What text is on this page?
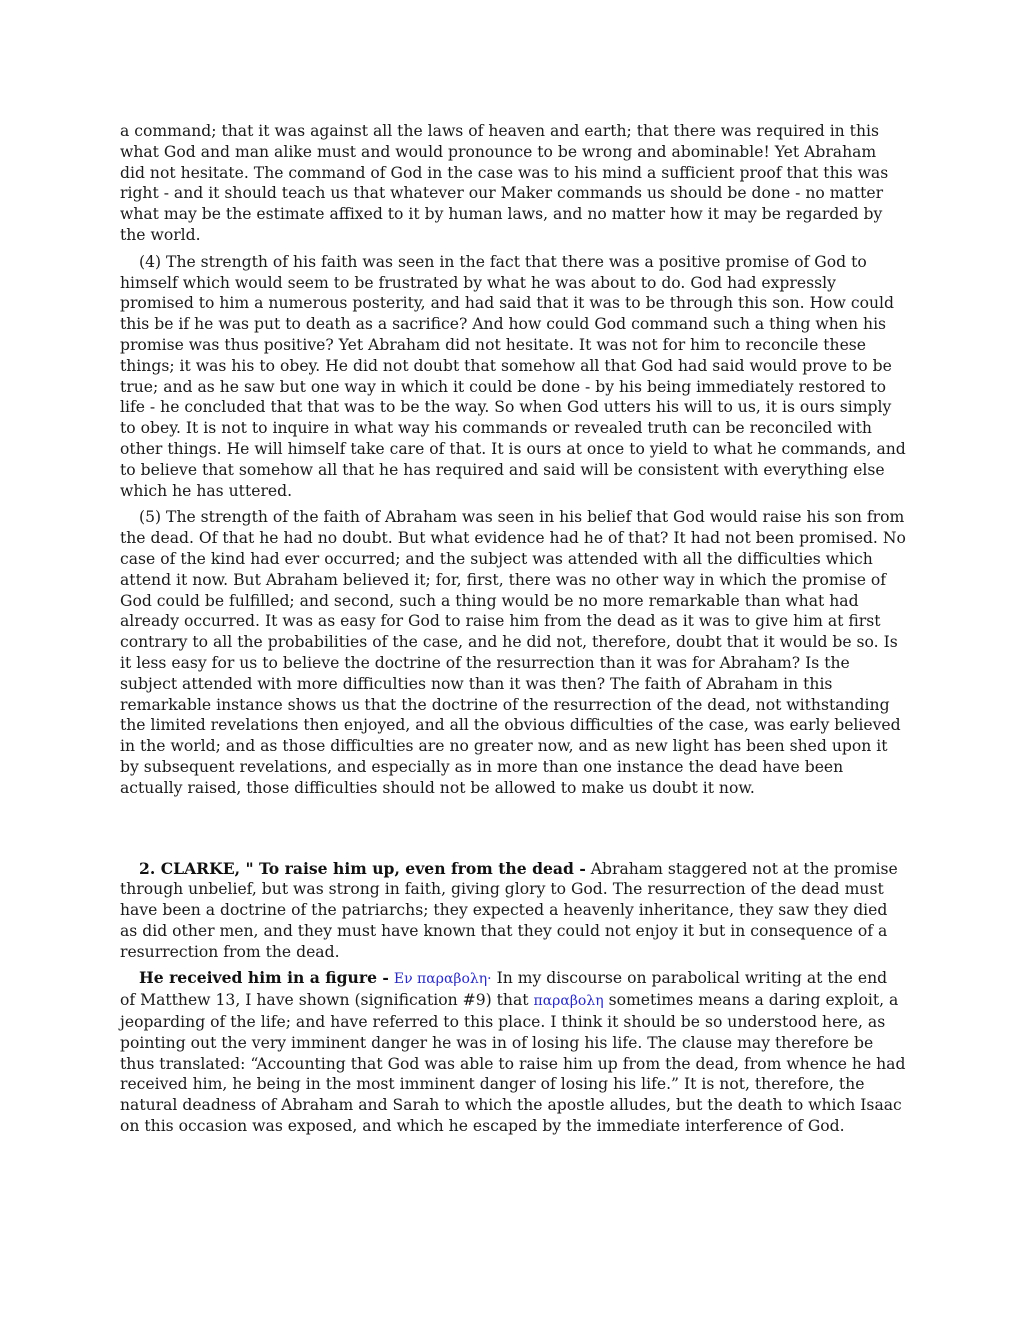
a command; that it was against all the laws of heaven and earth; that there was required in this what God and man alike must and would pronounce to be wrong and abominable! Yet Abraham did not hesitate. The command of God in the case was to his mind a sufficient proof that this was right - and it should teach us that whatever our Maker commands us should be done - no matter what may be the estimate affixed to it by human laws, and no matter how it may be regarded by the world.

(4) The strength of his faith was seen in the fact that there was a positive promise of God to himself which would seem to be frustrated by what he was about to do. God had expressly promised to him a numerous posterity, and had said that it was to be through this son. How could this be if he was put to death as a sacrifice? And how could God command such a thing when his promise was thus positive? Yet Abraham did not hesitate. It was not for him to reconcile these things; it was his to obey. He did not doubt that somehow all that God had said would prove to be true; and as he saw but one way in which it could be done - by his being immediately restored to life - he concluded that that was to be the way. So when God utters his will to us, it is ours simply to obey. It is not to inquire in what way his commands or revealed truth can be reconciled with other things. He will himself take care of that. It is ours at once to yield to what he commands, and to believe that somehow all that he has required and said will be consistent with everything else which he has uttered.

(5) The strength of the faith of Abraham was seen in his belief that God would raise his son from the dead. Of that he had no doubt. But what evidence had he of that? It had not been promised. No case of the kind had ever occurred; and the subject was attended with all the difficulties which attend it now. But Abraham believed it; for, first, there was no other way in which the promise of God could be fulfilled; and second, such a thing would be no more remarkable than what had already occurred. It was as easy for God to raise him from the dead as it was to give him at first contrary to all the probabilities of the case, and he did not, therefore, doubt that it would be so. Is it less easy for us to believe the doctrine of the resurrection than it was for Abraham? Is the subject attended with more difficulties now than it was then? The faith of Abraham in this remarkable instance shows us that the doctrine of the resurrection of the dead, not withstanding the limited revelations then enjoyed, and all the obvious difficulties of the case, was early believed in the world; and as those difficulties are no greater now, and as new light has been shed upon it by subsequent revelations, and especially as in more than one instance the dead have been actually raised, those difficulties should not be allowed to make us doubt it now.

2. CLARKE, " To raise him up, even from the dead - Abraham staggered not at the promise through unbelief, but was strong in faith, giving glory to God. The resurrection of the dead must have been a doctrine of the patriarchs; they expected a heavenly inheritance, they saw they died as did other men, and they must have known that they could not enjoy it but in consequence of a resurrection from the dead.

He received him in a figure - Εν παραβολη· In my discourse on parabolical writing at the end of Matthew 13, I have shown (signification #9) that παραβολη sometimes means a daring exploit, a jeoparding of the life; and have referred to this place. I think it should be so understood here, as pointing out the very imminent danger he was in of losing his life. The clause may therefore be thus translated: “Accounting that God was able to raise him up from the dead, from whence he had received him, he being in the most imminent danger of losing his life.” It is not, therefore, the natural deadness of Abraham and Sarah to which the apostle alludes, but the death to which Isaac on this occasion was exposed, and which he escaped by the immediate interference of God.
